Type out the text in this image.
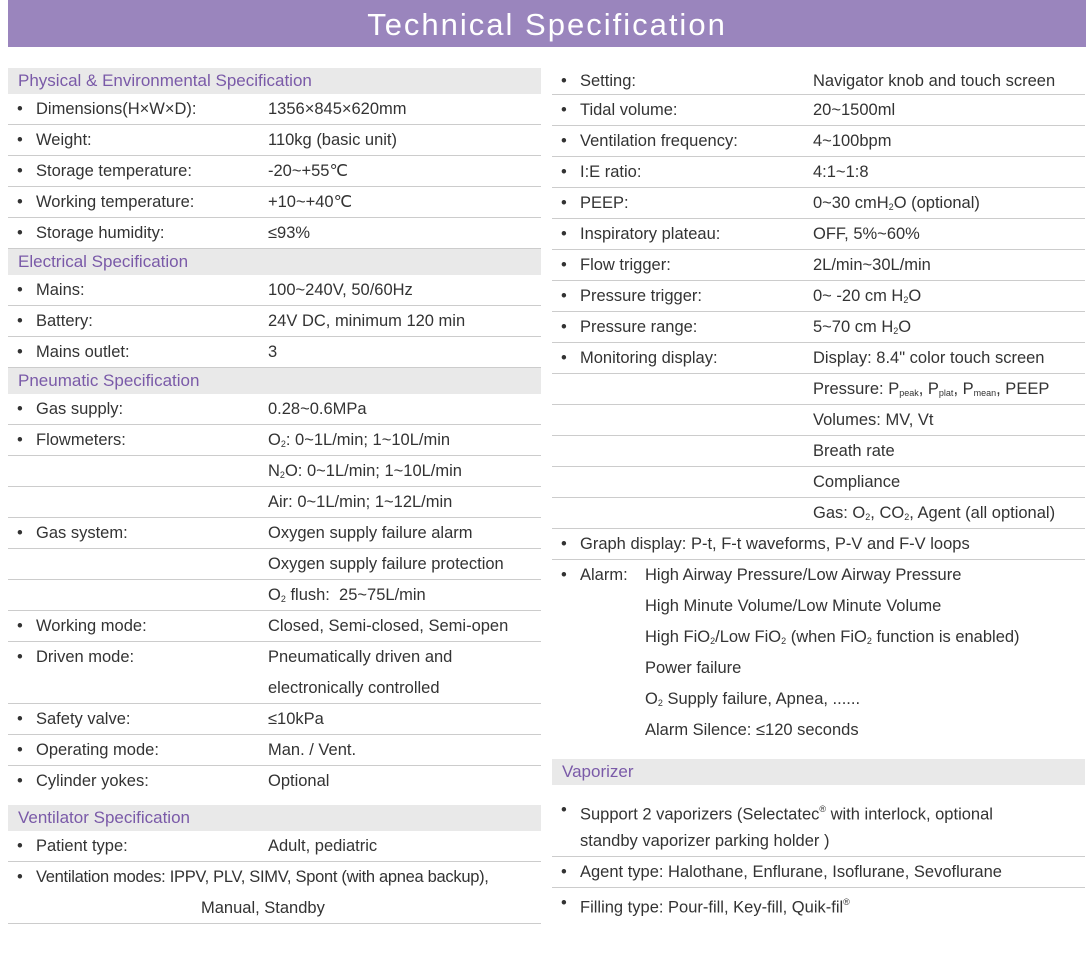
Technical Specification
Physical & Environmental Specification
• Dimensions(H×W×D):	1356×845×620mm
• Weight:	110kg (basic unit)
• Storage temperature:	-20~+55℃
• Working temperature:	+10~+40℃
• Storage humidity:	≤93%
Electrical Specification
• Mains:	100~240V, 50/60Hz
• Battery:	24V DC, minimum 120 min
• Mains outlet:	3
Pneumatic Specification
• Gas supply:	0.28~0.6MPa
• Flowmeters:	$O_2$: 0~1L/min; 1~10L/min
$N_2O$: 0~1L/min; 1~10L/min
Air: 0~1L/min; 1~12L/min
• Gas system:	Oxygen supply failure alarm
Oxygen supply failure protection
$O_2$ flush:  25~75L/min
• Working mode:	Closed, Semi-closed, Semi-open
• Driven mode:	Pneumatically driven and
electronically controlled
• Safety valve:	≤10kPa
• Operating mode:	Man. / Vent.
• Cylinder yokes:	Optional
Ventilator Specification
• Patient type:	Adult, pediatric
• Ventilation modes: IPPV, PLV, SIMV, Spont (with apnea backup),
Manual, Standby
• Setting:	Navigator knob and touch screen
• Tidal volume:	20~1500ml
• Ventilation frequency:	4~100bpm
• I:E ratio:	4:1~1:8
• PEEP:	0~30 cmH$_2$O (optional)
• Inspiratory plateau:	OFF, 5%~60%
• Flow trigger:	2L/min~30L/min
• Pressure trigger:	0~ -20 cm $H_2O$
• Pressure range:	5~70 cm $H_2O$
• Monitoring display:	Display: 8.4" color touch screen
Pressure: $P_{peak}$, $P_{plat}$, $P_{mean}$, PEEP
Volumes: MV, Vt
Breath rate
Compliance
Gas: $O_2$, $CO_2$, Agent (all optional)
• Graph display: P-t, F-t waveforms, P-V and F-V loops
• Alarm: High Airway Pressure/Low Airway Pressure
High Minute Volume/Low Minute Volume
High FiO$_2$/Low FiO$_2$ (when FiO$_2$ function is enabled)
Power failure
$O_2$ Supply failure, Apnea, ......
Alarm Silence: ≤120 seconds
Vaporizer
• Support 2 vaporizers (Selectatec® with interlock, optional
standby vaporizer parking holder )
• Agent type: Halothane, Enflurane, Isoflurane, Sevoflurane
• Filling type: Pour-fill, Key-fill, Quik-fil®
